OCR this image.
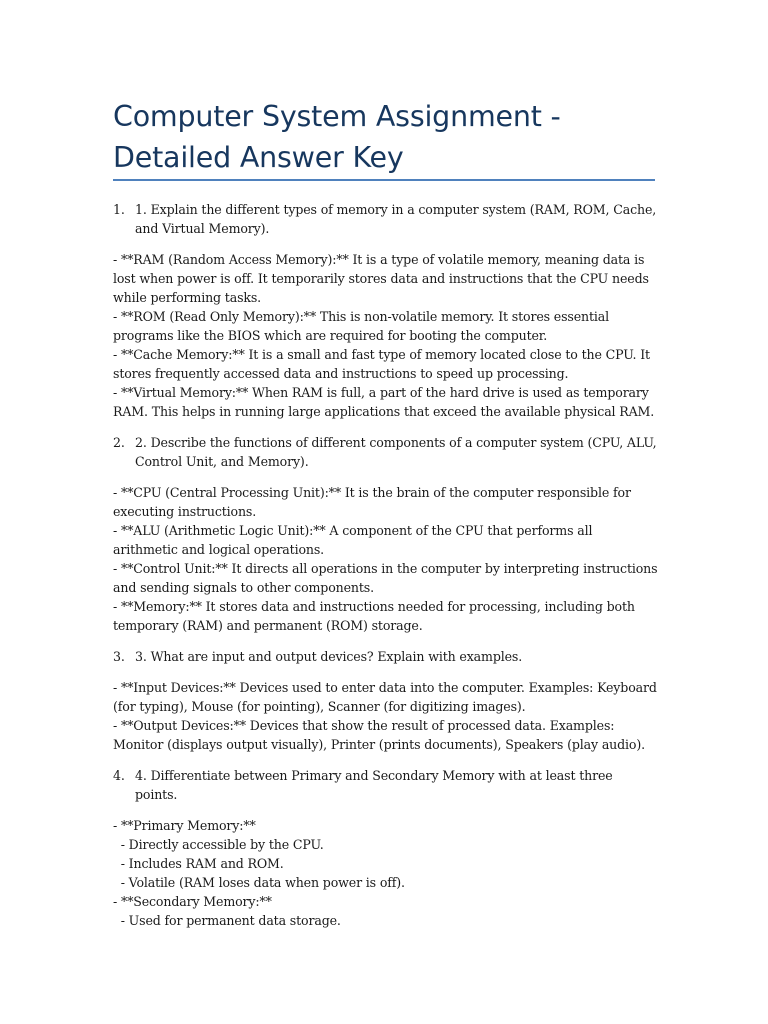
Computer System Assignment - Detailed Answer Key
1. 1. Explain the different types of memory in a computer system (RAM, ROM, Cache, and Virtual Memory).
- **RAM (Random Access Memory):** It is a type of volatile memory, meaning data is lost when power is off. It temporarily stores data and instructions that the CPU needs while performing tasks.
- **ROM (Read Only Memory):** This is non-volatile memory. It stores essential programs like the BIOS which are required for booting the computer.
- **Cache Memory:** It is a small and fast type of memory located close to the CPU. It stores frequently accessed data and instructions to speed up processing.
- **Virtual Memory:** When RAM is full, a part of the hard drive is used as temporary RAM. This helps in running large applications that exceed the available physical RAM.
2. 2. Describe the functions of different components of a computer system (CPU, ALU, Control Unit, and Memory).
- **CPU (Central Processing Unit):** It is the brain of the computer responsible for executing instructions.
- **ALU (Arithmetic Logic Unit):** A component of the CPU that performs all arithmetic and logical operations.
- **Control Unit:** It directs all operations in the computer by interpreting instructions and sending signals to other components.
- **Memory:** It stores data and instructions needed for processing, including both temporary (RAM) and permanent (ROM) storage.
3. 3. What are input and output devices? Explain with examples.
- **Input Devices:** Devices used to enter data into the computer. Examples: Keyboard (for typing), Mouse (for pointing), Scanner (for digitizing images).
- **Output Devices:** Devices that show the result of processed data. Examples: Monitor (displays output visually), Printer (prints documents), Speakers (play audio).
4. 4. Differentiate between Primary and Secondary Memory with at least three points.
- **Primary Memory:**
- Directly accessible by the CPU.
- Includes RAM and ROM.
- Volatile (RAM loses data when power is off).
- **Secondary Memory:**
- Used for permanent data storage.
